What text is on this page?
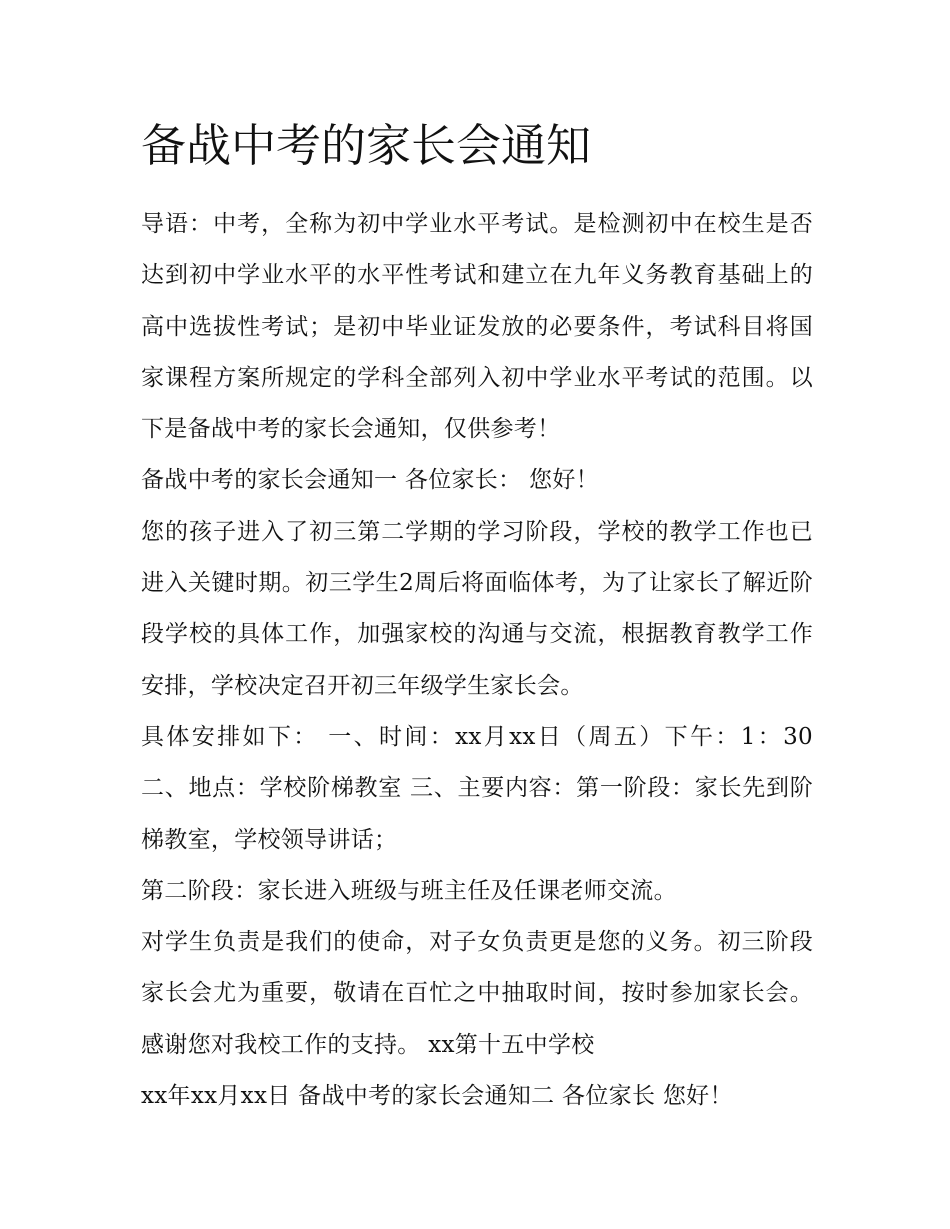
备战中考的家长会通知

导语：中考，全称为初中学业水平考试。是检测初中在校生是否达到初中学业水平的水平性考试和建立在九年义务教育基础上的高中选拔性考试；是初中毕业证发放的必要条件，考试科目将国家课程方案所规定的学科全部列入初中学业水平考试的范围。以下是备战中考的家长会通知，仅供参考！

备战中考的家长会通知一 各位家长： 您好！

您的孩子进入了初三第二学期的学习阶段，学校的教学工作也已进入关键时期。初三学生2周后将面临体考，为了让家长了解近阶段学校的具体工作，加强家校的沟通与交流，根据教育教学工作安排，学校决定召开初三年级学生家长会。

具体安排如下： 一、时间：xx月xx日（周五）下午：1：30 二、地点：学校阶梯教室 三、主要内容：第一阶段：家长先到阶梯教室，学校领导讲话；

第二阶段：家长进入班级与班主任及任课老师交流。

对学生负责是我们的使命，对子女负责更是您的义务。初三阶段家长会尤为重要，敬请在百忙之中抽取时间，按时参加家长会。感谢您对我校工作的支持。 xx第十五中学校

xx年xx月xx日 备战中考的家长会通知二 各位家长 您好！
